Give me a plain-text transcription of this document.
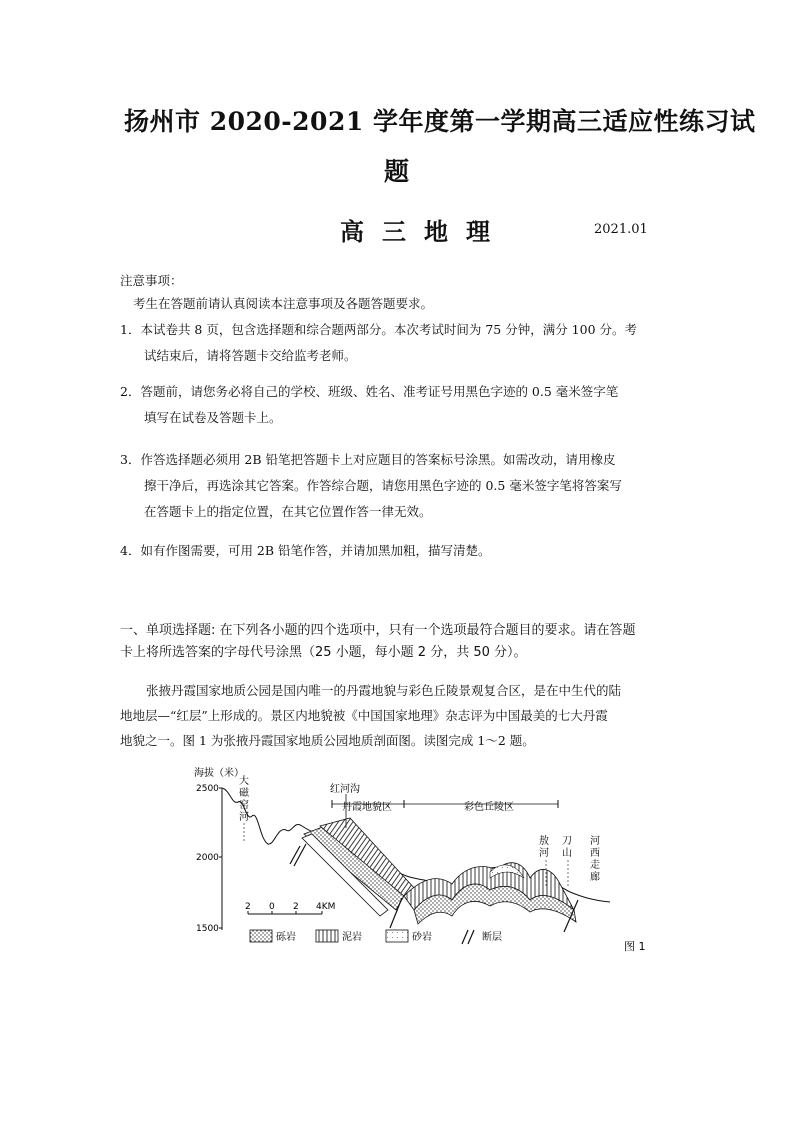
扬州市 2020-2021 学年度第一学期高三适应性练习试
题
高三地理	2021.01
注意事项：
考生在答题前请认真阅读本注意事项及各题答题要求。
1．本试卷共 8 页，包含选择题和综合题两部分。本次考试时间为 75 分钟，满分 100 分。考
试结束后，请将答题卡交给监考老师。
2．答题前，请您务必将自己的学校、班级、姓名、准考证号用黑色字迹的 0.5 毫米签字笔
填写在试卷及答题卡上。
3．作答选择题必须用 2B 铅笔把答题卡上对应题目的答案标号涂黑。如需改动，请用橡皮
擦干净后，再选涂其它答案。作答综合题，请您用黑色字迹的 0.5 毫米签字笔将答案写
在答题卡上的指定位置，在其它位置作答一律无效。
4．如有作图需要，可用 2B 铅笔作答，并请加黑加粗，描写清楚。
一、单项选择题: 在下列各小题的四个选项中，只有一个选项最符合题目的要求。请在答题
卡上将所选答案的字母代号涂黑（25 小题，每小题 2 分，共 50 分）。
张掖丹霞国家地质公园是国内唯一的丹霞地貌与彩色丘陵景观复合区，是在中生代的陆
地地层—“红层”上形成的。景区内地貌被《中国国家地理》杂志评为中国最美的七大丹霞
地貌之一。图 1 为张掖丹霞国家地质公园地质剖面图。读图完成 1～2 题。
海拔（米）
2500
2000
1500
大
磁
窑
河
红河沟
丹霞地貌区	彩色丘陵区
敖
河
刀
山
河
西
走
廊
2 0 2 4KM
砾岩	泥岩	砂岩	断层
图 1
